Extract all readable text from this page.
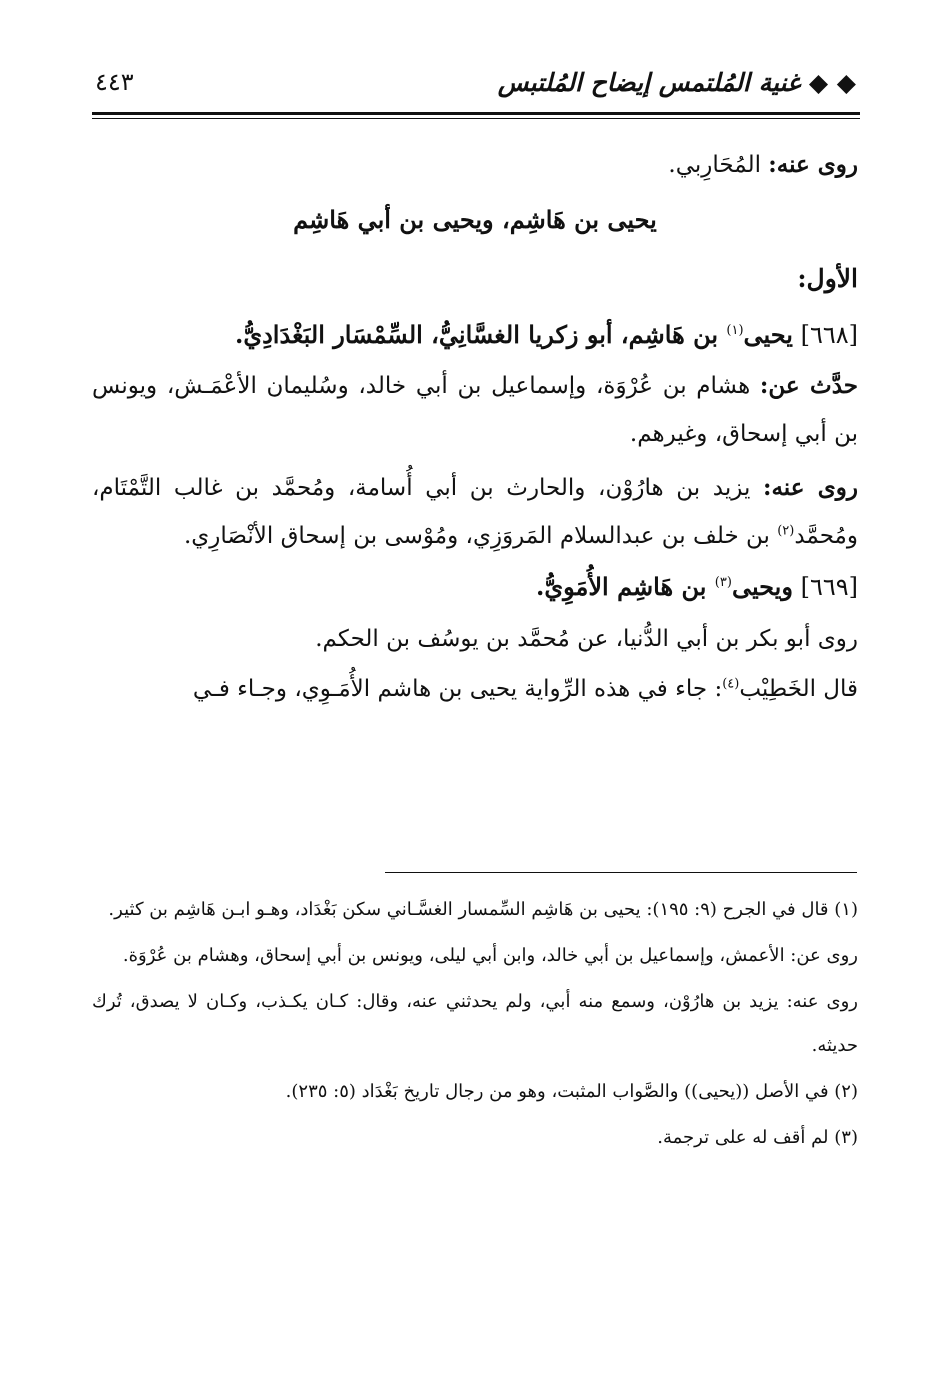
◆ ◆ غنية المُلتمس إيضاح المُلتبس
٤٤٣
روى عنه: المُحَارِبي.
يحيى بن هَاشِم، ويحيى بن أبي هَاشِم
الأول:
[٦٦٨] يحيى$^{(١)}$ بن هَاشِم، أبو زكريا الغسَّانِيُّ، السِّمْسَار البَغْدَادِيُّ.
حدَّث عن: هشام بن عُرْوَة، وإسماعيل بن أبي خالد، وسُليمان الأعْمَـش، ويونس بن أبي إسحاق، وغيرهم.
روى عنه: يزيد بن هارُوْن، والحارث بن أبي أُسامة، ومُحمَّد بن غالب التَّمْتَام، ومُحمَّد$^{(٢)}$ بن خلف بن عبدالسلام المَروَزِي، ومُوْسى بن إسحاق الأنْصَارِي.
[٦٦٩] ويحيى$^{(٣)}$ بن هَاشِم الأُمَوِيُّ.
روى أبو بكر بن أبي الدُّنيا، عن مُحمَّد بن يوسُف بن الحكم.
قال الخَطِيْب$^{(٤)}$: جاء في هذه الرِّواية يحيى بن هاشم الأُمَـوِي، وجـاء فـي
(١) قال في الجرح (٩: ١٩٥): يحيى بن هَاشِم السِّمسار الغسَّـاني سكن بَغْدَاد، وهـو ابـن هَاشِم بن كثير.
روى عن: الأعمش، وإسماعيل بن أبي خالد، وابن أبي ليلى، ويونس بن أبي إسحاق، وهشام بن عُرْوَة.
روى عنه: يزيد بن هارُوْن، وسمع منه أبي، ولم يحدثني عنه، وقال: كـان يكـذب، وكـان لا يصدق، تُرك حديثه.
(٢) في الأصل ((يحيى)) والصَّواب المثبت، وهو من رجال تاريخ بَغْدَاد (٥: ٢٣٥).
(٣) لم أقف له على ترجمة.
